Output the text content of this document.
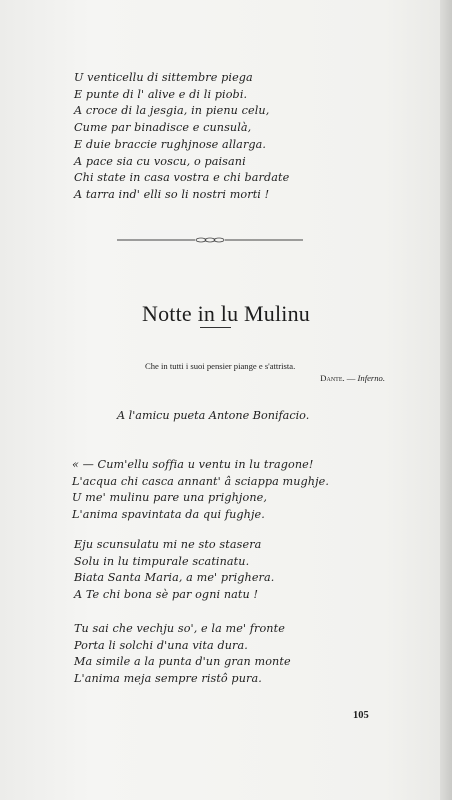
U venticellu di sittembre piega
E punte di l' alive e di li piobi.
A croce di la jesgia, in pienu celu,
Cume par binadisce e cunsulà,
E duie braccie rughjnose allarga.
A pace sia cu voscu, o paisani
Chi state in casa vostra e chi bardate
A tarra ind' elli so li nostri morti !
Notte in lu Mulinu
Che in tutti i suoi pensier piange e s'attrista.
Dante. — Inferno.
A l'amicu pueta Antone Bonifacio.
« — Cum'ellu soffia u ventu in lu tragone!
L'acqua chi casca annant' â sciappa mughje.
U me' mulinu pare una prighjone,
L'anima spavintata da qui fughje.
Eju scunsulatu mi ne sto stasera
Solu in lu timpurale scatinatu.
Biata Santa Maria, a me' prighera.
A Te chi bona sè par ogni natu !
Tu sai che vechju so', e la me' fronte
Porta li solchi d'una vita dura.
Ma simile a la punta d'un gran monte
L'anima meja sempre ristô pura.
105
